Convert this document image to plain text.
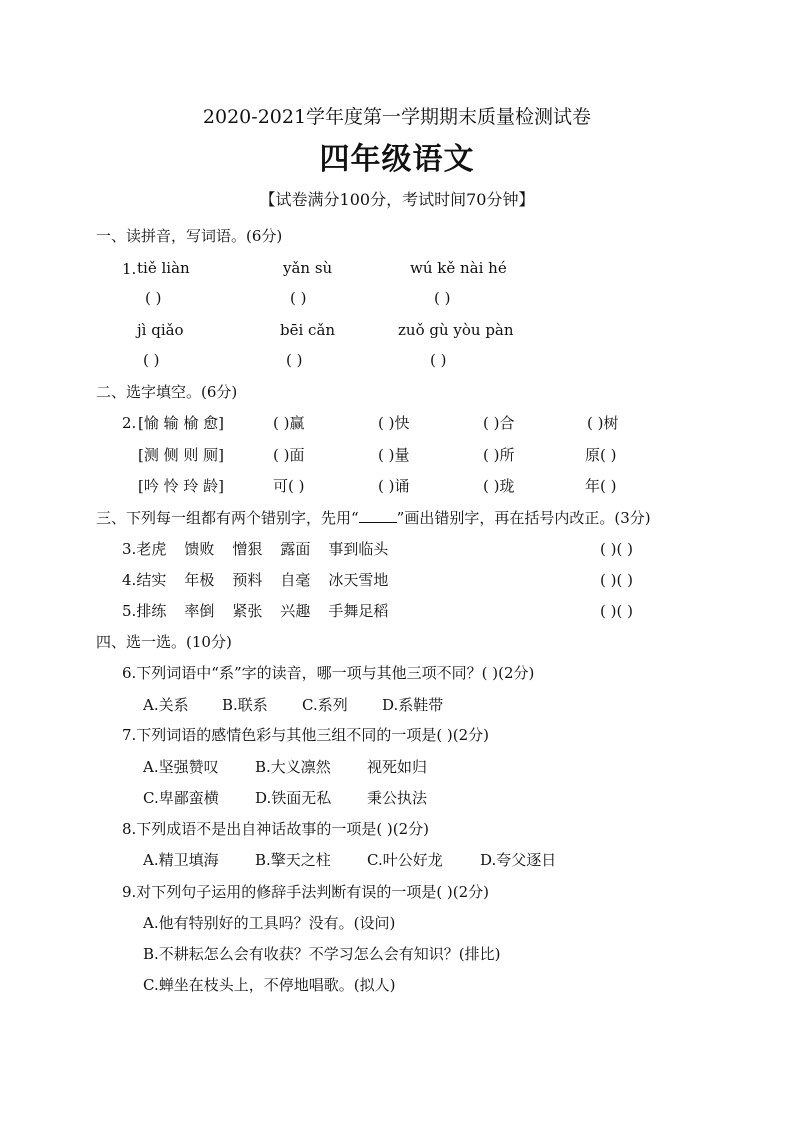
2020-2021学年度第一学期期末质量检测试卷
四年级语文
【试卷满分100分，考试时间70分钟】
一、读拼音，写词语。(6分)
1. tiě liàn	yǎn sù	wú kě nài hé
( )	( )	( )
jì qiǎo	bēi cǎn	zuǒ gù yòu pàn
( )	( )	( )
二、选字填空。(6分)
2. [愉 输 榆 愈]	( )赢	( )快	( )合	( )树
[测 侧 则 厕]	( )面	( )量	( )所	原( )
[吟 怜 玲 龄]	可( )	( )诵	( )珑	年( )
三、下列每一组都有两个错别字，先用“	”画出错别字，再在括号内改正。(3分)
3.老虎 馈败 憎狠 露面 事到临头	( )( )
4.结实 年极 预料 自毫 冰天雪地	( )( )
5.排练 率倒 紧张 兴趣 手舞足稻	( )( )
四、选一选。(10分)
6.下列词语中“系”字的读音，哪一项与其他三项不同？( )(2分)
A.关系 B.联系 C.系列 D.系鞋带
7.下列词语的感情色彩与其他三组不同的一项是( )(2分)
A.坚强赞叹 B.大义凛然 视死如归
C.卑鄙蛮横 D.铁面无私 秉公执法
8.下列成语不是出自神话故事的一项是( )(2分)
A.精卫填海 B.擎天之柱 C.叶公好龙 D.夸父逐日
9.对下列句子运用的修辞手法判断有误的一项是( )(2分)
A.他有特别好的工具吗？没有。(设问)
B.不耕耘怎么会有收获？不学习怎么会有知识？(排比)
C.蝉坐在枝头上，不停地唱歌。(拟人)
